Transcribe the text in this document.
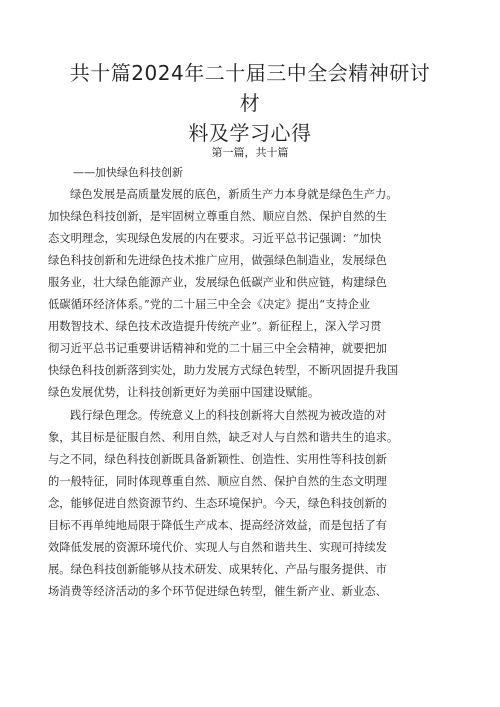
共十篇2024年二十届三中全会精神研讨材
料及学习心得
第一篇，共十篇
——加快绿色科技创新
绿色发展是高质量发展的底色，新质生产力本身就是绿色生产力。
加快绿色科技创新，是牢固树立尊重自然、顺应自然、保护自然的生
态文明理念，实现绿色发展的内在要求。习近平总书记强调：“加快
绿色科技创新和先进绿色技术推广应用，做强绿色制造业，发展绿色
服务业，壮大绿色能源产业，发展绿色低碳产业和供应链，构建绿色
低碳循环经济体系。”党的二十届三中全会《决定》提出“支持企业
用数智技术、绿色技术改造提升传统产业”。新征程上，深入学习贯
彻习近平总书记重要讲话精神和党的二十届三中全会精神，就要把加
快绿色科技创新落到实处，助力发展方式绿色转型，不断巩固提升我国
绿色发展优势，让科技创新更好为美丽中国建设赋能。
践行绿色理念。传统意义上的科技创新将大自然视为被改造的对
象，其目标是征服自然、利用自然，缺乏对人与自然和谐共生的追求。
与之不同，绿色科技创新既具备新颖性、创造性、实用性等科技创新
的一般特征，同时体现尊重自然、顺应自然、保护自然的生态文明理
念，能够促进自然资源节约、生态环境保护。今天，绿色科技创新的
目标不再单纯地局限于降低生产成本、提高经济效益，而是包括了有
效降低发展的资源环境代价、实现人与自然和谐共生、实现可持续发
展。绿色科技创新能够从技术研发、成果转化、产品与服务提供、市
场消费等经济活动的多个环节促进绿色转型，催生新产业、新业态、
